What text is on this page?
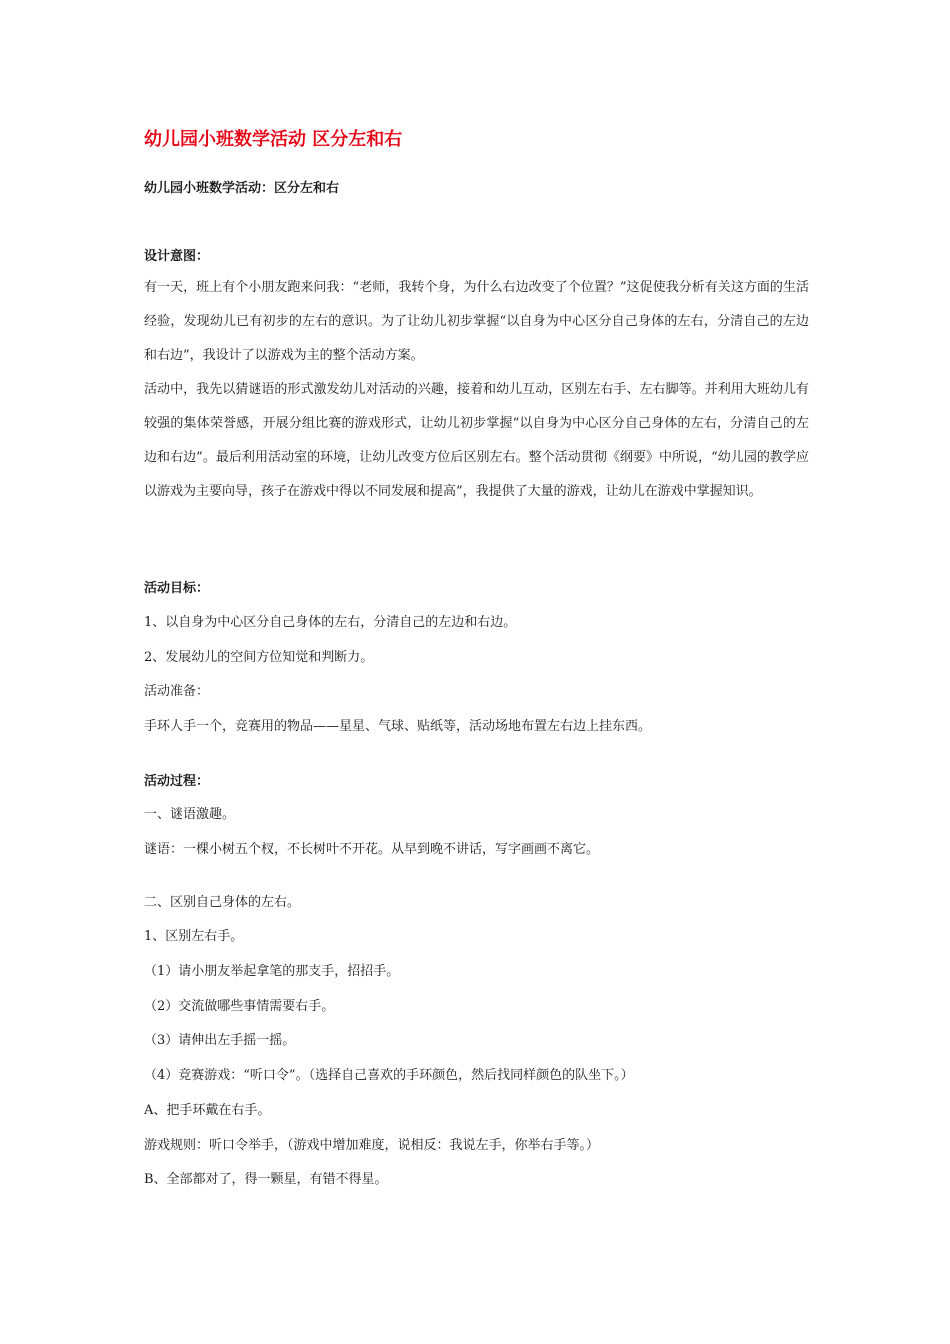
幼儿园小班数学活动 区分左和右
幼儿园小班数学活动：区分左和右
设计意图：
有一天，班上有个小朋友跑来问我：“老师，我转个身，为什么右边改变了个位置？”这促使我分析有关这方面的生活经验，发现幼儿已有初步的左右的意识。为了让幼儿初步掌握“以自身为中心区分自己身体的左右，分清自己的左边和右边”，我设计了以游戏为主的整个活动方案。
活动中，我先以猜谜语的形式激发幼儿对活动的兴趣，接着和幼儿互动，区别左右手、左右脚等。并利用大班幼儿有较强的集体荣誉感，开展分组比赛的游戏形式，让幼儿初步掌握“以自身为中心区分自己身体的左右，分清自己的左边和右边”。最后利用活动室的环境，让幼儿改变方位后区别左右。整个活动贯彻《纲要》中所说，“幼儿园的教学应以游戏为主要向导，孩子在游戏中得以不同发展和提高”，我提供了大量的游戏，让幼儿在游戏中掌握知识。
活动目标：
1、以自身为中心区分自己身体的左右，分清自己的左边和右边。
2、发展幼儿的空间方位知觉和判断力。
活动准备：
手环人手一个，竞赛用的物品——星星、气球、贴纸等，活动场地布置左右边上挂东西。
活动过程：
一、谜语激趣。
谜语：一棵小树五个杈，不长树叶不开花。从早到晚不讲话，写字画画不离它。
二、区别自己身体的左右。
1、区别左右手。
（1）请小朋友举起拿笔的那支手，招招手。
（2）交流做哪些事情需要右手。
（3）请伸出左手摇一摇。
（4）竞赛游戏：“听口令”。（选择自己喜欢的手环颜色，然后找同样颜色的队坐下。）
A、把手环戴在右手。
游戏规则：听口令举手，（游戏中增加难度，说相反：我说左手，你举右手等。）
B、全部都对了，得一颗星，有错不得星。
